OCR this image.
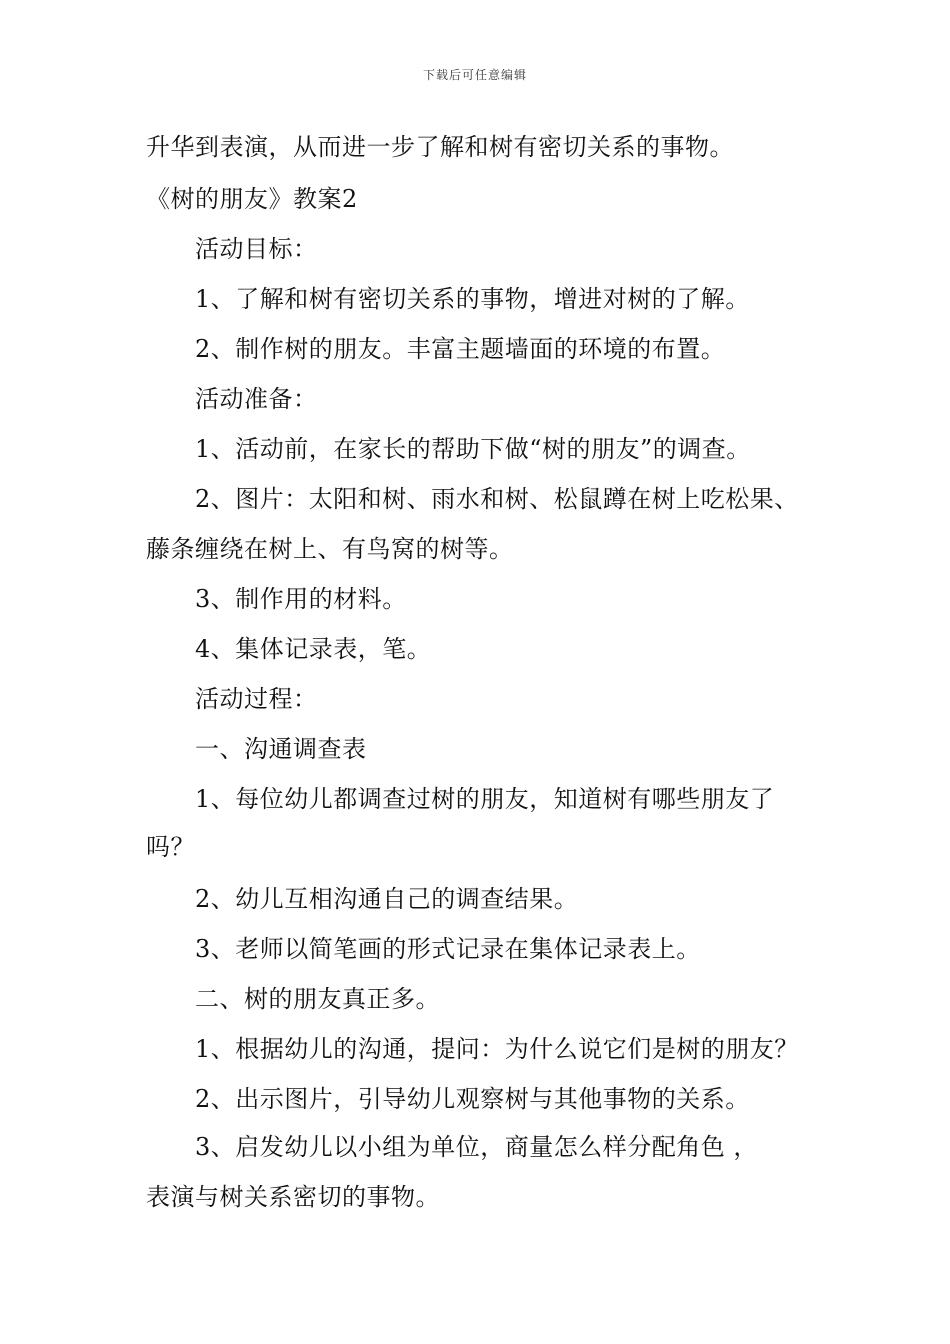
下载后可任意编辑
升华到表演，从而进一步了解和树有密切关系的事物。
《树的朋友》教案2
活动目标：
1、了解和树有密切关系的事物，增进对树的了解。
2、制作树的朋友。丰富主题墙面的环境的布置。
活动准备：
1、活动前，在家长的帮助下做“树的朋友”的调查。
2、图片：太阳和树、雨水和树、松鼠蹲在树上吃松果、
藤条缠绕在树上、有鸟窝的树等。
3、制作用的材料。
4、集体记录表，笔。
活动过程：
一、沟通调查表
1、每位幼儿都调查过树的朋友，知道树有哪些朋友了
吗？
2、幼儿互相沟通自己的调查结果。
3、老师以简笔画的形式记录在集体记录表上。
二、树的朋友真正多。
1、根据幼儿的沟通，提问：为什么说它们是树的朋友？
2、出示图片，引导幼儿观察树与其他事物的关系。
3、启发幼儿以小组为单位，商量怎么样分配角色 ，
表演与树关系密切的事物。
